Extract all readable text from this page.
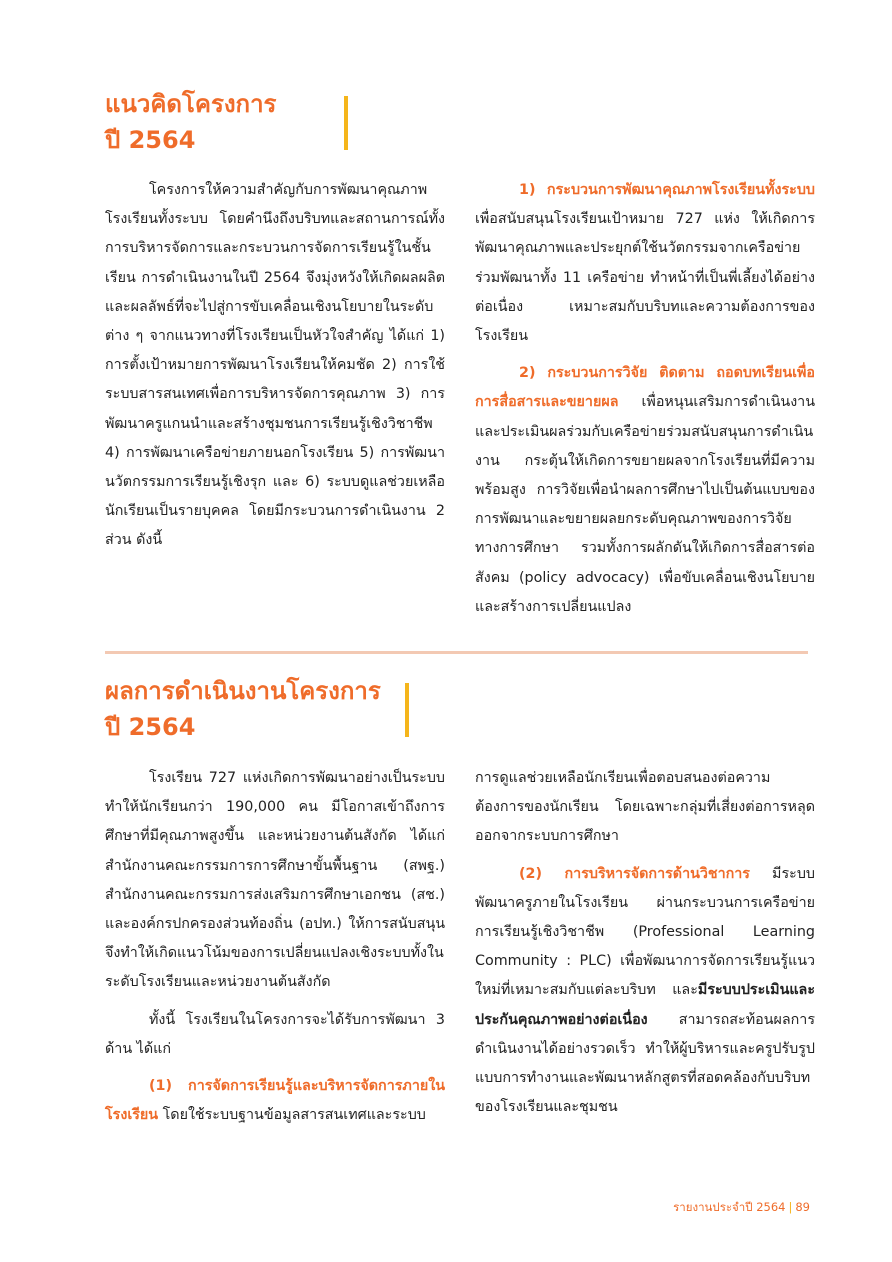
แนวคิดโครงการ
ปี 2564

โครงการให้ความสำคัญกับการพัฒนาคุณภาพโรงเรียนทั้งระบบ โดยคำนึงถึงบริบทและสถานการณ์ทั้งการบริหารจัดการและกระบวนการจัดการเรียนรู้ในชั้นเรียน การดำเนินงานในปี 2564 จึงมุ่งหวังให้เกิดผลผลิตและผลลัพธ์ที่จะไปสู่การขับเคลื่อนเชิงนโยบายในระดับต่าง ๆ จากแนวทางที่โรงเรียนเป็นหัวใจสำคัญ ได้แก่ 1) การตั้งเป้าหมายการพัฒนาโรงเรียนให้คมชัด 2) การใช้ระบบสารสนเทศเพื่อการบริหารจัดการคุณภาพ 3) การพัฒนาครูแกนนำและสร้างชุมชนการเรียนรู้เชิงวิชาชีพ 4) การพัฒนาเครือข่ายภายนอกโรงเรียน 5) การพัฒนานวัตกรรมการเรียนรู้เชิงรุก และ 6) ระบบดูแลช่วยเหลือนักเรียนเป็นรายบุคคล โดยมีกระบวนการดำเนินงาน 2 ส่วน ดังนี้

1) กระบวนการพัฒนาคุณภาพโรงเรียนทั้งระบบ เพื่อสนับสนุนโรงเรียนเป้าหมาย 727 แห่ง ให้เกิดการพัฒนาคุณภาพและประยุกต์ใช้นวัตกรรมจากเครือข่ายร่วมพัฒนาทั้ง 11 เครือข่าย ทำหน้าที่เป็นพี่เลี้ยงได้อย่างต่อเนื่อง เหมาะสมกับบริบทและความต้องการของโรงเรียน

2) กระบวนการวิจัย ติดตาม ถอดบทเรียนเพื่อการสื่อสารและขยายผล เพื่อหนุนเสริมการดำเนินงานและประเมินผลร่วมกับเครือข่ายร่วมสนับสนุนการดำเนินงาน กระตุ้นให้เกิดการขยายผลจากโรงเรียนที่มีความพร้อมสูง การวิจัยเพื่อนำผลการศึกษาไปเป็นต้นแบบของการพัฒนาและขยายผลยกระดับคุณภาพของการวิจัยทางการศึกษา รวมทั้งการผลักดันให้เกิดการสื่อสารต่อสังคม (policy advocacy) เพื่อขับเคลื่อนเชิงนโยบายและสร้างการเปลี่ยนแปลง

ผลการดำเนินงานโครงการ
ปี 2564

โรงเรียน 727 แห่งเกิดการพัฒนาอย่างเป็นระบบ ทำให้นักเรียนกว่า 190,000 คน มีโอกาสเข้าถึงการศึกษาที่มีคุณภาพสูงขึ้น และหน่วยงานต้นสังกัด ได้แก่ สำนักงานคณะกรรมการการศึกษาขั้นพื้นฐาน (สพฐ.) สำนักงานคณะกรรมการส่งเสริมการศึกษาเอกชน (สช.) และองค์กรปกครองส่วนท้องถิ่น (อปท.) ให้การสนับสนุน จึงทำให้เกิดแนวโน้มของการเปลี่ยนแปลงเชิงระบบทั้งในระดับโรงเรียนและหน่วยงานต้นสังกัด

ทั้งนี้ โรงเรียนในโครงการจะได้รับการพัฒนา 3 ด้าน ได้แก่

(1) การจัดการเรียนรู้และบริหารจัดการภายในโรงเรียน โดยใช้ระบบฐานข้อมูลสารสนเทศและระบบ

การดูแลช่วยเหลือนักเรียนเพื่อตอบสนองต่อความต้องการของนักเรียน โดยเฉพาะกลุ่มที่เสี่ยงต่อการหลุดออกจากระบบการศึกษา

(2) การบริหารจัดการด้านวิชาการ มีระบบพัฒนาครูภายในโรงเรียน ผ่านกระบวนการเครือข่ายการเรียนรู้เชิงวิชาชีพ (Professional Learning Community : PLC) เพื่อพัฒนาการจัดการเรียนรู้แนวใหม่ที่เหมาะสมกับแต่ละบริบท และมีระบบประเมินและประกันคุณภาพอย่างต่อเนื่อง สามารถสะท้อนผลการดำเนินงานได้อย่างรวดเร็ว ทำให้ผู้บริหารและครูปรับรูปแบบการทำงานและพัฒนาหลักสูตรที่สอดคล้องกับบริบทของโรงเรียนและชุมชน

รายงานประจำปี 2564 | 89
